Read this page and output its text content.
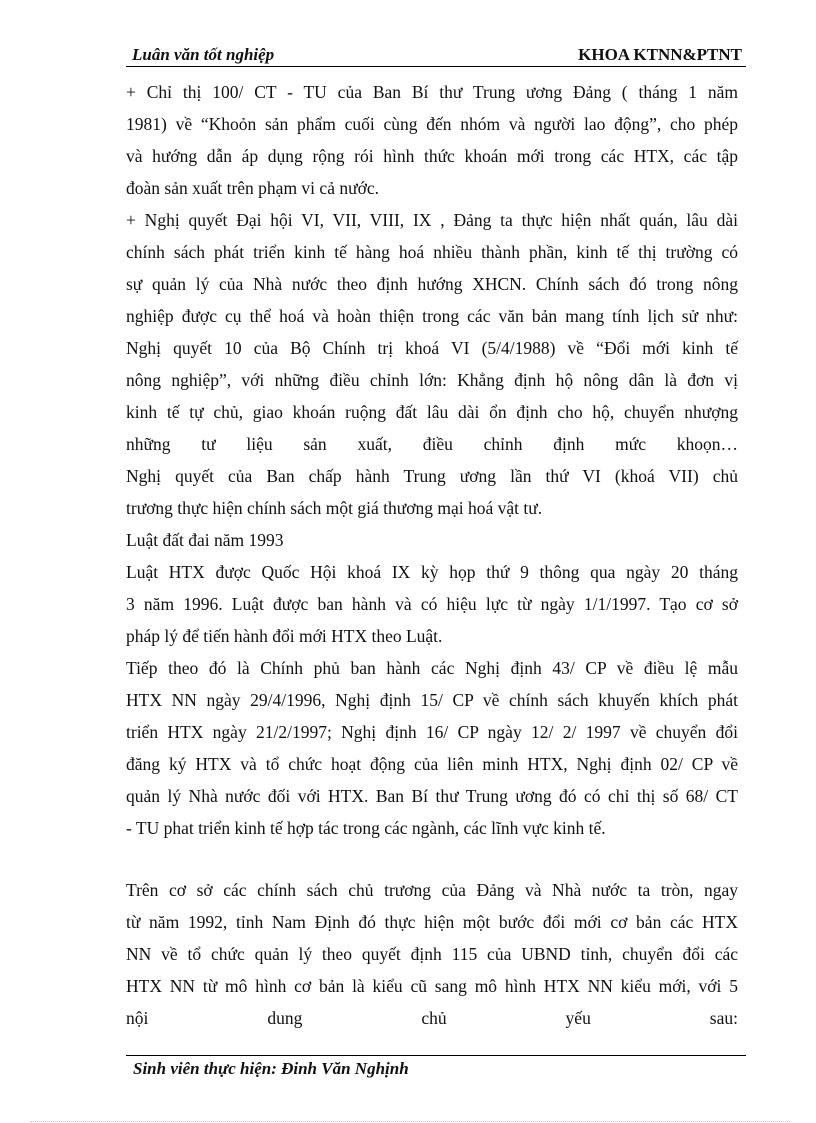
Luân văn tốt nghiệp	KHOA KTNN&PTNT
+ Chỉ thị 100/ CT - TU của Ban Bí thư Trung ương Đảng ( tháng 1 năm
1981) về “Khoỏn sản phẩm cuối cùng đến nhóm và người lao động”, cho phép
và hướng dẫn áp dụng rộng rói hình thức khoán mới trong các HTX, các tập
đoàn sản xuất trên phạm vi cả nước.
+ Nghị quyết Đại hội VI, VII, VIII, IX , Đảng ta thực hiện nhất quán, lâu dài
chính sách phát triển kinh tế hàng hoá nhiều thành phần, kinh tế thị trường có
sự quản lý của Nhà nước theo định hướng XHCN. Chính sách đó trong nông
nghiệp được cụ thể hoá và hoàn thiện trong các văn bản mang tính lịch sử như:
Nghị quyết 10 của Bộ Chính trị khoá VI (5/4/1988) về “Đổi mới kinh tế
nông nghiệp”, với những điều chỉnh lớn: Khẳng định hộ nông dân là đơn vị
kinh tế tự chủ, giao khoán ruộng đất lâu dài ổn định cho hộ, chuyển nhượng
những tư liệu sản xuất, điều chỉnh định mức khoọn…
Nghị quyết của Ban chấp hành Trung ương lần thứ VI (khoá VII) chủ
trương thực hiện chính sách một giá thương mại hoá vật tư.
Luật đất đai năm 1993
Luật HTX được Quốc Hội khoá IX kỳ họp thứ 9 thông qua ngày 20 tháng
3 năm 1996. Luật được ban hành và có hiệu lực từ ngày 1/1/1997. Tạo cơ sở
pháp lý để tiến hành đổi mới HTX theo Luật.
Tiếp theo đó là Chính phủ ban hành các Nghị định 43/ CP về điều lệ mẫu
HTX NN ngày 29/4/1996, Nghị định 15/ CP về chính sách khuyến khích phát
triển HTX ngày 21/2/1997; Nghị định 16/ CP ngày 12/ 2/ 1997 về chuyển đổi
đăng ký HTX và tổ chức hoạt động của liên minh HTX, Nghị định 02/ CP về
quản lý Nhà nước đối với HTX. Ban Bí thư Trung ương đó có chỉ thị số 68/ CT
- TU phat triển kinh tế hợp tác trong các ngành, các lĩnh vực kinh tế.
Trên cơ sở các chính sách chủ trương của Đảng và Nhà nước ta tròn, ngay
từ năm 1992, tỉnh Nam Định đó thực hiện một bước đổi mới cơ bản các HTX
NN về tổ chức quản lý theo quyết định 115 của UBND tỉnh, chuyển đổi các
HTX NN từ mô hình cơ bản là kiểu cũ sang mô hình HTX NN kiểu mới, với 5
nội dung chủ yếu sau:
Sinh viên thực hiện: Đinh Văn Nghịnh
